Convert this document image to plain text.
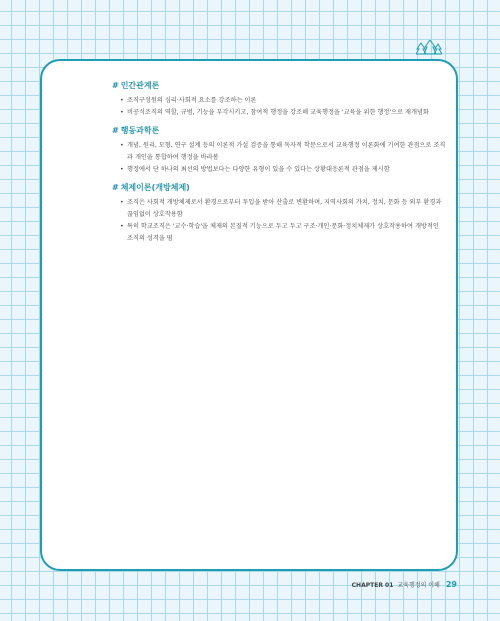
# 인간관계론
• 조직구성원의 심리·사회적 요소를 강조하는 이론
• 비공식조직의 역할, 규범, 기능을 부각시키고, 참여적 행정을 강조해 교육행정을 '교육을 위한 행정'으로 재개념화
# 행동과학론
• 개념, 원리, 모형, 연구 설계 등의 이론적 가설 검증을 통해 독자적 학문으로서 교육행정 이론화에 기여한 관점으로 조직과 개인을 통합하여 행정을 바라봄
• 행정에서 단 하나의 최선의 방법보다는 다양한 유형이 있을 수 있다는 상황대응론적 관점을 제시함
# 체제이론(개방체제)
• 조직은 사회적 개방체제로서 환경으로부터 투입을 받아 산출로 변환하며, 지역사회의 가치, 정치, 문화 등 외부 환경과 끊임없이 상호작용함
• 특히 학교조직은 '교수·학습'을 체제의 본질적 기능으로 두고 두고 구조·개인·문화·정치체제가 상호작용하여 개방적인 조직의 성격을 띰
CHAPTER 01 교육행정의 이해 29
